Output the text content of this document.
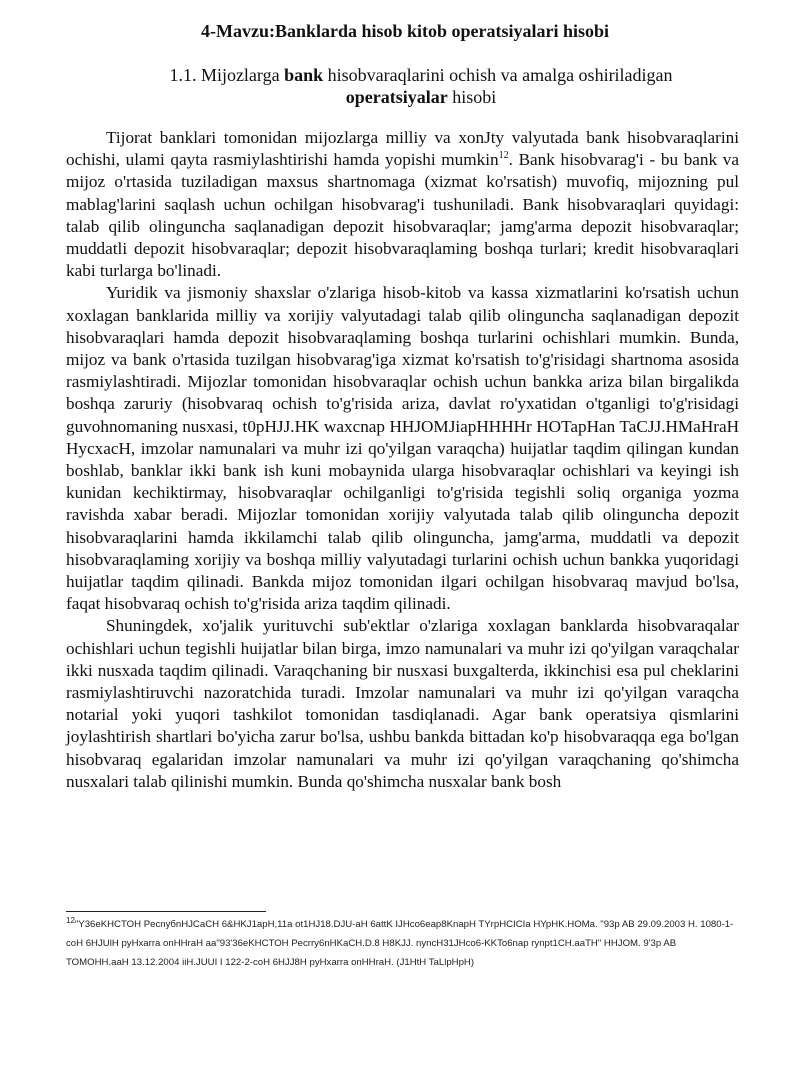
4-Mavzu:Banklarda hisob kitob operatsiyalari hisobi
1.1. Mijozlarga bank hisobvaraqlarini ochish va amalga oshiriladigan
operatsiyalar hisobi

Tijorat banklari tomonidan mijozlarga milliy va xonJty valyutada bank hisobvaraqlarini ochishi, ulami qayta rasmiylashtirishi hamda yopishi mumkin$^{12}$. Bank hisobvarag'i - bu bank va mijoz o'rtasida tuziladigan maxsus shartnomaga (xizmat ko'rsatish) muvofiq, mijozning pul mablag'larini saqlash uchun ochilgan hisobvarag'i tushuniladi. Bank hisobvaraqlari quyidagi: talab qilib olinguncha saqlanadigan depozit hisobvaraqlar; jamg'arma depozit hisobvaraqlar; muddatli depozit hisobvaraqlar; depozit hisobvaraqlaming boshqa turlari; kredit hisobvaraqlari kabi turlarga bo'linadi.

Yuridik va jismoniy shaxslar o'zlariga hisob-kitob va kassa xizmatlarini ko'rsatish uchun xoxlagan banklarida milliy va xorijiy valyutadagi talab qilib olinguncha saqlanadigan depozit hisobvaraqlari hamda depozit hisobvaraqlaming boshqa turlarini ochishlari mumkin. Bunda, mijoz va bank o'rtasida tuzilgan hisobvarag'iga xizmat ko'rsatish to'g'risidagi shartnoma asosida rasmiylashtiradi. Mijozlar tomonidan hisobvaraqlar ochish uchun bankka ariza bilan birgalikda boshqa zaruriy (hisobvaraq ochish to'g'risida ariza, davlat ro'yxatidan o'tganligi to'g'risidagi guvohnomaning nusxasi, t0pHJJ.HK waxcnap HHJOMJiapHHHHr HOTapHan TaCJJ.HMaHraH HycxacH, imzolar namunalari va muhr izi qo'yilgan varaqcha) huijatlar taqdim qilingan kundan boshlab, banklar ikki bank ish kuni mobaynida ularga hisobvaraqlar ochishlari va keyingi ish kunidan kechiktirmay, hisobvaraqlar ochilganligi to'g'risida tegishli soliq organiga yozma ravishda xabar beradi. Mijozlar tomonidan xorijiy valyutada talab qilib olinguncha depozit hisobvaraqlarini hamda ikkilamchi talab qilib olinguncha, jamg'arma, muddatli va depozit hisobvaraqlaming xorijiy va boshqa milliy valyutadagi turlarini ochish uchun bankka yuqoridagi huijatlar taqdim qilinadi. Bankda mijoz tomonidan ilgari ochilgan hisobvaraq mavjud bo'lsa, faqat hisobvaraq ochish to'g'risida ariza taqdim qilinadi.

Shuningdek, xo'jalik yurituvchi sub'ektlar o'zlariga xoxlagan banklarda hisobvaraqalar ochishlari uchun tegishli huijatlar bilan birga, imzo namunalari va muhr izi qo'yilgan varaqchalar ikki nusxada taqdim qilinadi. Varaqchaning bir nusxasi buxgalterda, ikkinchisi esa pul cheklarini rasmiylashtiruvchi nazoratchida turadi. Imzolar namunalari va muhr izi qo'yilgan varaqcha notarial yoki yuqori tashkilot tomonidan tasdiqlanadi. Agar bank operatsiya qismlarini joylashtirish shartlari bo'yicha zarur bo'lsa, ushbu bankda bittadan ko'p hisobvaraqqa ega bo'lgan hisobvaraq egalaridan imzolar namunalari va muhr izi qo'yilgan varaqchaning qo'shimcha nusxalari talab qilinishi mumkin. Bunda qo'shimcha nusxalar bank bosh

$^{12}$"Y36eKHCTOH PecnyбnHJCaCH 6&HKJ1apH,11a ot1HJ18.DJU-aH 6attK IJHco6eap8KnapH TYrpHCICIa HYpHK.HOMa. "93p AB 29.09.2003 H. 1080-1-coH 6HJUlH pyHxarra onHHraH aa"93'36eKHCTOH Pecrry6nHKaCH.D.8 H8KJJ. nyncH31JHco6-KKTo6nap rynpt1CH.aaTH" HHJOM. 9'3p AB TOMOHH.aaH 13.12.2004 iiH.JUUI I 122-2-coH 6HJJ8H pyHxarra onHHraH. (J1HtH TaLlpHpH)
